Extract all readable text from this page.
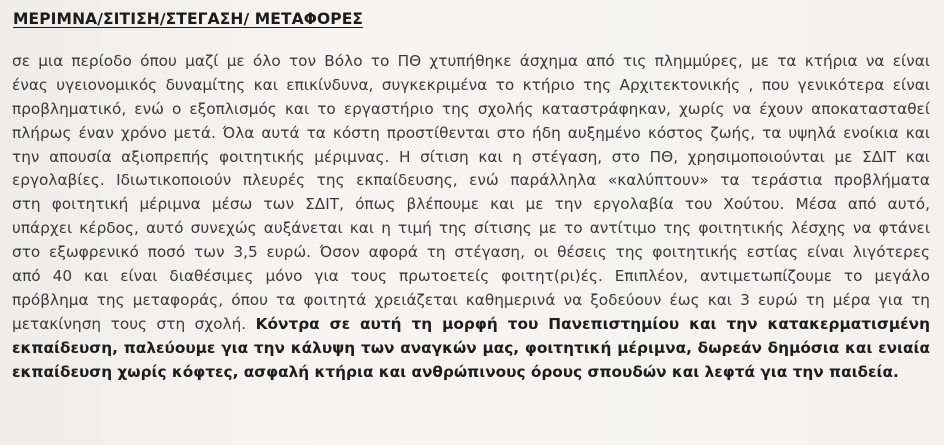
ΜΕΡΙΜΝΑ/ΣΙΤΙΣΗ/ΣΤΕΓΑΣΗ/ ΜΕΤΑΦΟΡΕΣ
σε μια περίοδο όπου μαζί με όλο τον Βόλο το ΠΘ χτυπήθηκε άσχημα από τις πλημμύρες, με τα κτήρια να είναι
ένας υγειονομικός δυναμίτης και επικίνδυνα, συγκεκριμένα το κτήριο της Αρχιτεκτονικής , που γενικότερα είναι
προβληματικό, ενώ ο εξοπλισμός και το εργαστήριο της σχολής καταστράφηκαν, χωρίς να έχουν αποκατασταθεί
πλήρως έναν χρόνο μετά. Όλα αυτά τα κόστη προστίθενται στο ήδη αυξημένο κόστος ζωής, τα υψηλά ενοίκια και
την απουσία αξιοπρεπής φοιτητικής μέριμνας. Η σίτιση και η στέγαση, στο ΠΘ, χρησιμοποιούνται με ΣΔΙΤ και
εργολαβίες. Ιδιωτικοποιούν πλευρές της εκπαίδευσης, ενώ παράλληλα «καλύπτουν» τα τεράστια προβλήματα
στη φοιτητική μέριμνα μέσω των ΣΔΙΤ, όπως βλέπουμε και με την εργολαβία του Χούτου. Μέσα από αυτό,
υπάρχει κέρδος, αυτό συνεχώς αυξάνεται και η τιμή της σίτισης με το αντίτιμο της φοιτητικής λέσχης να φτάνει
στο εξωφρενικό ποσό των 3,5 ευρώ. Όσον αφορά τη στέγαση, οι θέσεις της φοιτητικής εστίας είναι λιγότερες
από 40 και είναι διαθέσιμες μόνο για τους πρωτοετείς φοιτητ(ρι)ές. Επιπλέον, αντιμετωπίζουμε το μεγάλο
πρόβλημα της μεταφοράς, όπου τα φοιτητά χρειάζεται καθημερινά να ξοδεύουν έως και 3 ευρώ τη μέρα για τη
μετακίνηση τους στη σχολή. Κόντρα σε αυτή τη μορφή του Πανεπιστημίου και την κατακερματισμένη
εκπαίδευση, παλεύουμε για την κάλυψη των αναγκών μας, φοιτητική μέριμνα, δωρεάν δημόσια και ενιαία
εκπαίδευση χωρίς κόφτες, ασφαλή κτήρια και ανθρώπινους όρους σπουδών και λεφτά για την παιδεία.
